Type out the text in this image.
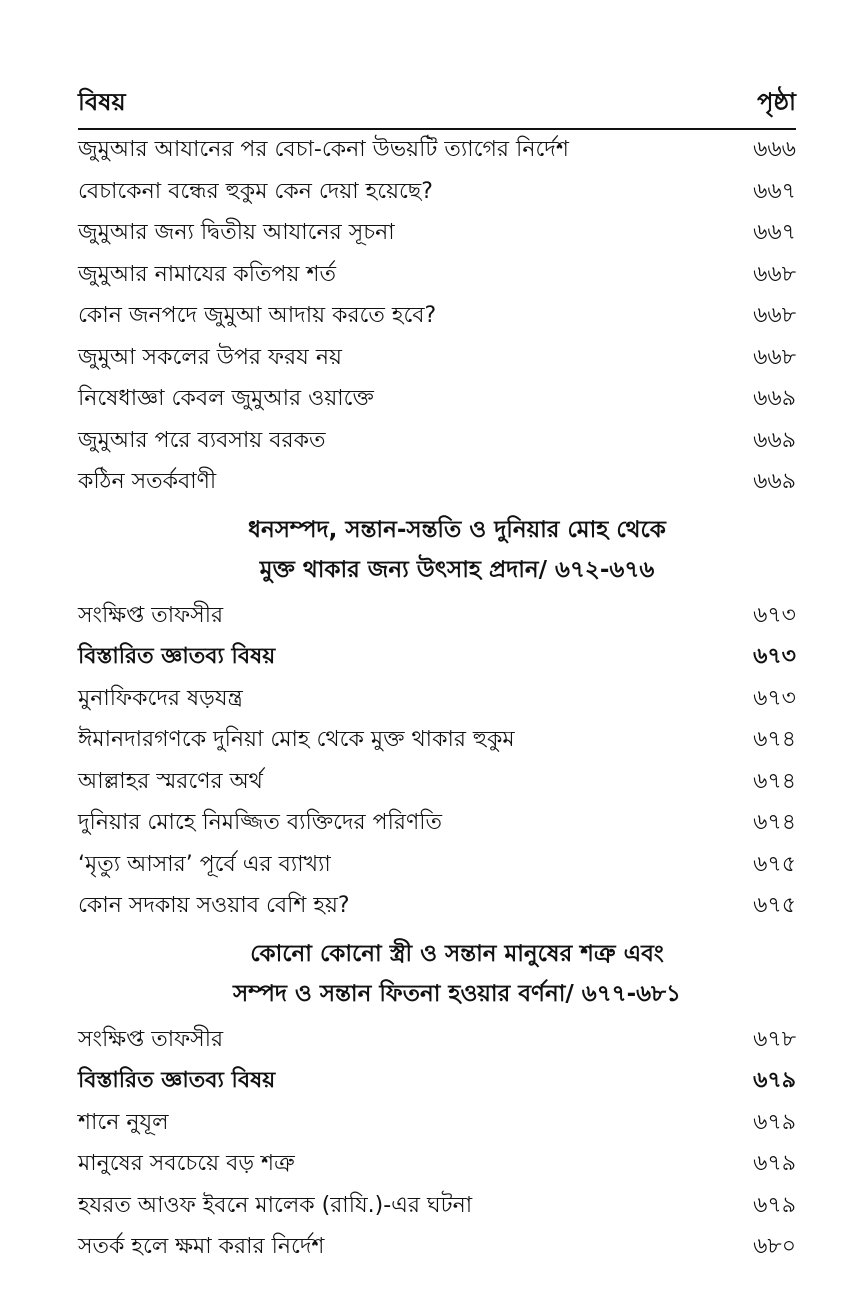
বিষয়	পৃষ্ঠা
জুমুআর আযানের পর বেচা-কেনা উভয়টি ত্যাগের নির্দেশ	৬৬৬
বেচাকেনা বন্ধের হুকুম কেন দেয়া হয়েছে?	৬৬৭
জুমুআর জন্য দ্বিতীয় আযানের সূচনা	৬৬৭
জুমুআর নামাযের কতিপয় শর্ত	৬৬৮
কোন জনপদে জুমুআ আদায় করতে হবে?	৬৬৮
জুমুআ সকলের উপর ফরয নয়	৬৬৮
নিষেধাজ্ঞা কেবল জুমুআর ওয়াক্তে	৬৬৯
জুমুআর পরে ব্যবসায় বরকত	৬৬৯
কঠিন সতর্কবাণী	৬৬৯
ধনসম্পদ, সন্তান-সন্ততি ও দুনিয়ার মোহ থেকে
মুক্ত থাকার জন্য উৎসাহ প্রদান/ ৬৭২-৬৭৬
সংক্ষিপ্ত তাফসীর	৬৭৩
বিস্তারিত জ্ঞাতব্য বিষয়	৬৭৩
মুনাফিকদের ষড়যন্ত্র	৬৭৩
ঈমানদারগণকে দুনিয়া মোহ থেকে মুক্ত থাকার হুকুম	৬৭৪
আল্লাহর স্মরণের অর্থ	৬৭৪
দুনিয়ার মোহে নিমজ্জিত ব্যক্তিদের পরিণতি	৬৭৪
‘মৃত্যু আসার’ পূর্বে এর ব্যাখ্যা	৬৭৫
কোন সদকায় সওয়াব বেশি হয়?	৬৭৫
কোনো কোনো স্ত্রী ও সন্তান মানুষের শত্রু এবং
সম্পদ ও সন্তান ফিতনা হওয়ার বর্ণনা/ ৬৭৭-৬৮১
সংক্ষিপ্ত তাফসীর	৬৭৮
বিস্তারিত জ্ঞাতব্য বিষয়	৬৭৯
শানে নুযূল	৬৭৯
মানুষের সবচেয়ে বড় শত্রু	৬৭৯
হযরত আওফ ইবনে মালেক (রাযি.)-এর ঘটনা	৬৭৯
সতর্ক হলে ক্ষমা করার নির্দেশ	৬৮০
